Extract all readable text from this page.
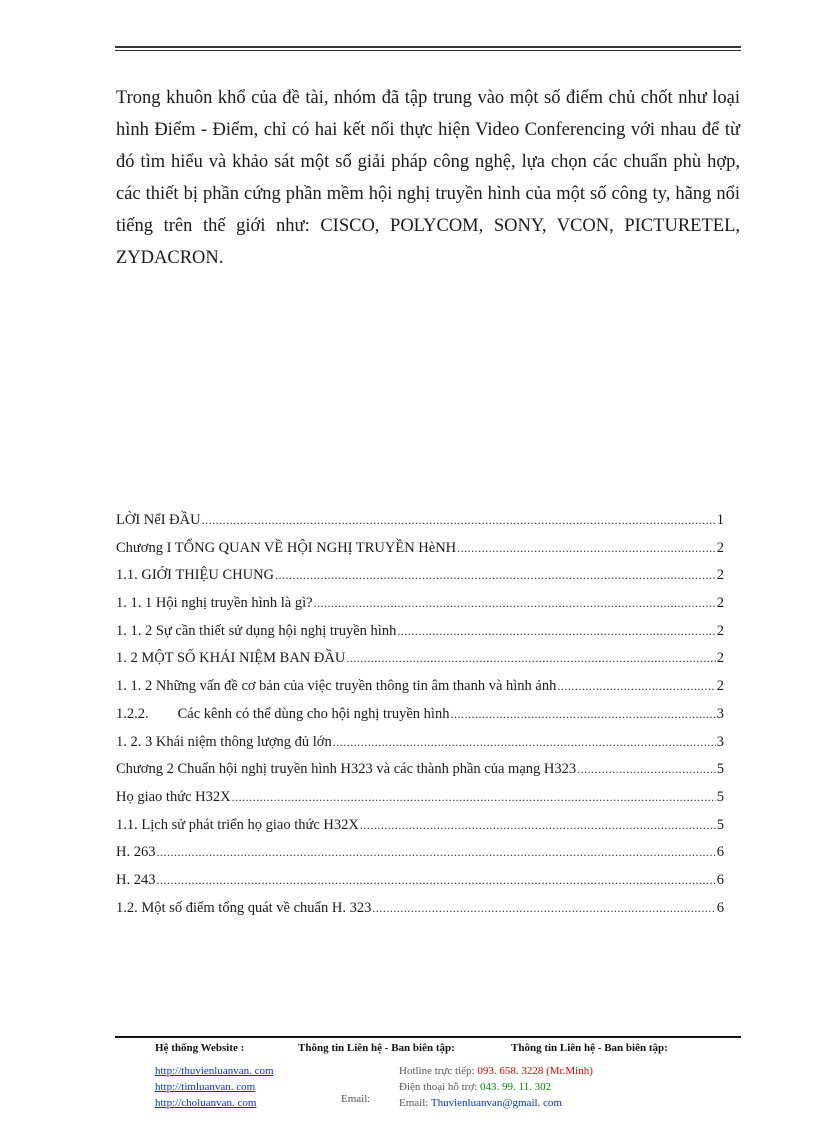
Trong khuôn khổ của đề tài, nhóm đã tập trung vào một số điểm chủ chốt như loại hình Điểm - Điểm, chỉ có hai kết nối thực hiện Video Conferencing với nhau để từ đó tìm hiểu và khảo sát một số giải pháp công nghệ, lựa chọn các chuẩn phù hợp, các thiết bị phần cứng phần mềm hội nghị truyền hình của một số công ty, hãng nổi tiếng trên thế giới như: CISCO, POLYCOM, SONY, VCON, PICTURETEL, ZYDACRON.

LỜI NểI ĐẦU .....	1
Chương I TỔNG QUAN VỀ HỘI NGHỊ TRUYỀN HèNH .....	2
1.1. GIỚI THIỆU CHUNG .....	2
1. 1. 1 Hội nghị truyền hình là gì? .....	2
1. 1. 2 Sự cần thiết sử dụng hội nghị truyền hình .....	2
1. 2 MỘT SỐ KHÁI NIỆM BAN ĐẦU .....	2
1. 1. 2 Những vấn đề cơ bản của việc truyền thông tin âm thanh và hình ảnh .....	2
1.2.2.        Các kênh có thể dùng cho hội nghị truyền hình .....	3
1. 2. 3 Khái niệm thông lượng đủ lớn .....	3
Chương 2 Chuẩn hội nghị truyền hình H323 và các thành phần của mạng H323 .....	5
Họ giao thức H32X .....	5
1.1. Lịch sử phát triển họ giao thức H32X .....	5
H. 263 .....	6
H. 243 .....	6
1.2. Một số điểm tổng quát về chuẩn H. 323 .....	6
Hệ thống Website :
http://thuvienluanvan. com
http://timluanvan. com
http://choluanvan. com
Thông tin Liên hệ - Ban biên tập:
Hotline trực tiếp: 093. 658. 3228 (Mr.Minh)
Điện thoại hỗ trợ: 043. 99. 11. 302
Email: Thuvienluanvan@gmail. com
Thông tin Liên hệ - Ban biên tập:
Email:
